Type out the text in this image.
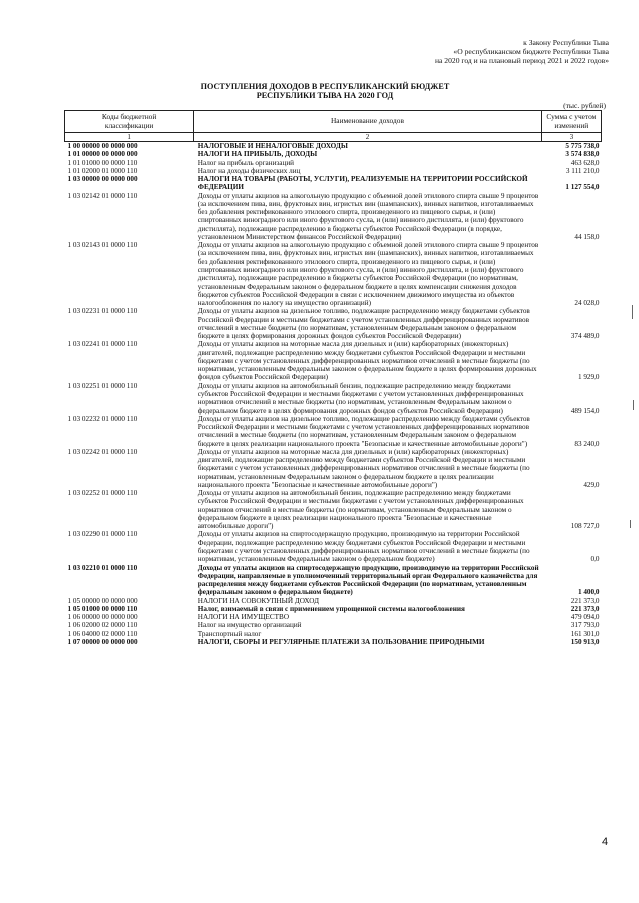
к Закону Республики Тыва
«О республиканском бюджете Республики Тыва
на 2020 год и на плановый период 2021 и 2022 годов»
ПОСТУПЛЕНИЯ ДОХОДОВ В РЕСПУБЛИКАНСКИЙ БЮДЖЕТ
РЕСПУБЛИКИ ТЫВА НА 2020 ГОД
(тыс. рублей)
Коды бюджетной классификации	Наименование доходов	Сумма с учетом изменений
1	2	3
1 00 00000 00 0000 000	НАЛОГОВЫЕ И НЕНАЛОГОВЫЕ ДОХОДЫ	5 775 738,0
1 01 00000 00 0000 000	НАЛОГИ НА ПРИБЫЛЬ, ДОХОДЫ	3 574 838,0
1 01 01000 00 0000 110	Налог на прибыль организаций	463 628,0
1 01 02000 01 0000 110	Налог на доходы физических лиц	3 111 210,0
1 03 00000 00 0000 000	НАЛОГИ НА ТОВАРЫ (РАБОТЫ, УСЛУГИ), РЕАЛИЗУЕМЫЕ НА ТЕРРИТОРИИ РОССИЙСКОЙ ФЕДЕРАЦИИ	1 127 554,0
1 03 02142 01 0000 110	Доходы от уплаты акцизов на алкогольную продукцию с объемной долей этилового спирта свыше 9 процентов (за исключением пива, вин, фруктовых вин, игристых вин (шампанских), винных напитков, изготавливаемых без добавления ректификованного этилового спирта, произведенного из пищевого сырья, и (или) спиртованных виноградного или иного фруктового сусла, и (или) винного дистиллята, и (или) фруктового дистиллята), подлежащие распределению в бюджеты субъектов Российской Федерации (в порядке, установленном Министерством финансов Российской Федерации)	44 158,0
1 03 02143 01 0000 110	Доходы от уплаты акцизов на алкогольную продукцию с объемной долей этилового спирта свыше 9 процентов (за исключением пива, вин, фруктовых вин, игристых вин (шампанских), винных напитков, изготавливаемых без добавления ректификованного этилового спирта, произведенного из пищевого сырья, и (или) спиртованных виноградного или иного фруктового сусла, и (или) винного дистиллята, и (или) фруктового дистиллята), подлежащие распределению в бюджеты субъектов Российской Федерации (по нормативам, установленным Федеральным законом о федеральном бюджете в целях компенсации снижения доходов бюджетов субъектов Российской Федерации в связи с исключением движимого имущества из объектов налогообложения по налогу на имущество организаций)	24 028,0
1 03 02231 01 0000 110	Доходы от уплаты акцизов на дизельное топливо, подлежащие распределению между бюджетами субъектов Российской Федерации и местными бюджетами с учетом установленных дифференцированных нормативов отчислений в местные бюджеты (по нормативам, установленным Федеральным законом о федеральном бюджете в целях формирования дорожных фондов субъектов Российской Федерации)	374 489,0
1 03 02241 01 0000 110	Доходы от уплаты акцизов на моторные масла для дизельных и (или) карбюраторных (инжекторных) двигателей, подлежащие распределению между бюджетами субъектов Российской Федерации и местными бюджетами с учетом установленных дифференцированных нормативов отчислений в местные бюджеты (по нормативам, установленным Федеральным законом о федеральном бюджете в целях формирования дорожных фондов субъектов Российской Федерации)	1 929,0
1 03 02251 01 0000 110	Доходы от уплаты акцизов на автомобильный бензин, подлежащие распределению между бюджетами субъектов Российской Федерации и местными бюджетами с учетом установленных дифференцированных нормативов отчислений в местные бюджеты (по нормативам, установленным Федеральным законом о федеральном бюджете в целях формирования дорожных фондов субъектов Российской Федерации)	489 154,0
1 03 02232 01 0000 110	Доходы от уплаты акцизов на дизельное топливо, подлежащие распределению между бюджетами субъектов Российской Федерации и местными бюджетами с учетом установленных дифференцированных нормативов отчислений в местные бюджеты (по нормативам, установленным Федеральным законом о федеральном бюджете в целях реализации национального проекта "Безопасные и качественные автомобильные дороги")	83 240,0
1 03 02242 01 0000 110	Доходы от уплаты акцизов на моторные масла для дизельных и (или) карбюраторных (инжекторных) двигателей, подлежащие распределению между бюджетами субъектов Российской Федерации и местными бюджетами с учетом установленных дифференцированных нормативов отчислений в местные бюджеты (по нормативам, установленным Федеральным законом о федеральном бюджете в целях реализации национального проекта "Безопасные и качественные автомобильные дороги")	429,0
1 03 02252 01 0000 110	Доходы от уплаты акцизов на автомобильный бензин, подлежащие распределению между бюджетами субъектов Российской Федерации и местными бюджетами с учетом установленных дифференцированных нормативов отчислений в местные бюджеты (по нормативам, установленным Федеральным законом о федеральном бюджете в целях реализации национального проекта "Безопасные и качественные автомобильные дороги")	108 727,0
1 03 02290 01 0000 110	Доходы от уплаты акцизов на спиртосодержащую продукцию, производимую на территории Российской Федерации, подлежащие распределению между бюджетами субъектов Российской Федерации и местными бюджетами с учетом установленных дифференцированных нормативов отчислений в местные бюджеты (по нормативам, установленным Федеральным законом о федеральном бюджете)	0,0
1 03 02210 01 0000 110	Доходы от уплаты акцизов на спиртосодержащую продукцию, производимую на территории Российской Федерации, направляемые в уполномоченный территориальный орган Федерального казначейства для распределения между бюджетами субъектов Российской Федерации (по нормативам, установленным федеральным законом о федеральном бюджете)	1 400,0
1 05 00000 00 0000 000	НАЛОГИ НА СОВОКУПНЫЙ ДОХОД	221 373,0
1 05 01000 00 0000 110	Налог, взимаемый в связи с применением упрощенной системы налогообложения	221 373,0
1 06 00000 00 0000 000	НАЛОГИ НА ИМУЩЕСТВО	479 094,0
1 06 02000 02 0000 110	Налог на имущество организаций	317 793,0
1 06 04000 02 0000 110	Транспортный налог	161 301,0
1 07 00000 00 0000 000	НАЛОГИ, СБОРЫ И РЕГУЛЯРНЫЕ ПЛАТЕЖИ ЗА ПОЛЬЗОВАНИЕ ПРИРОДНЫМИ	150 913,0
4
